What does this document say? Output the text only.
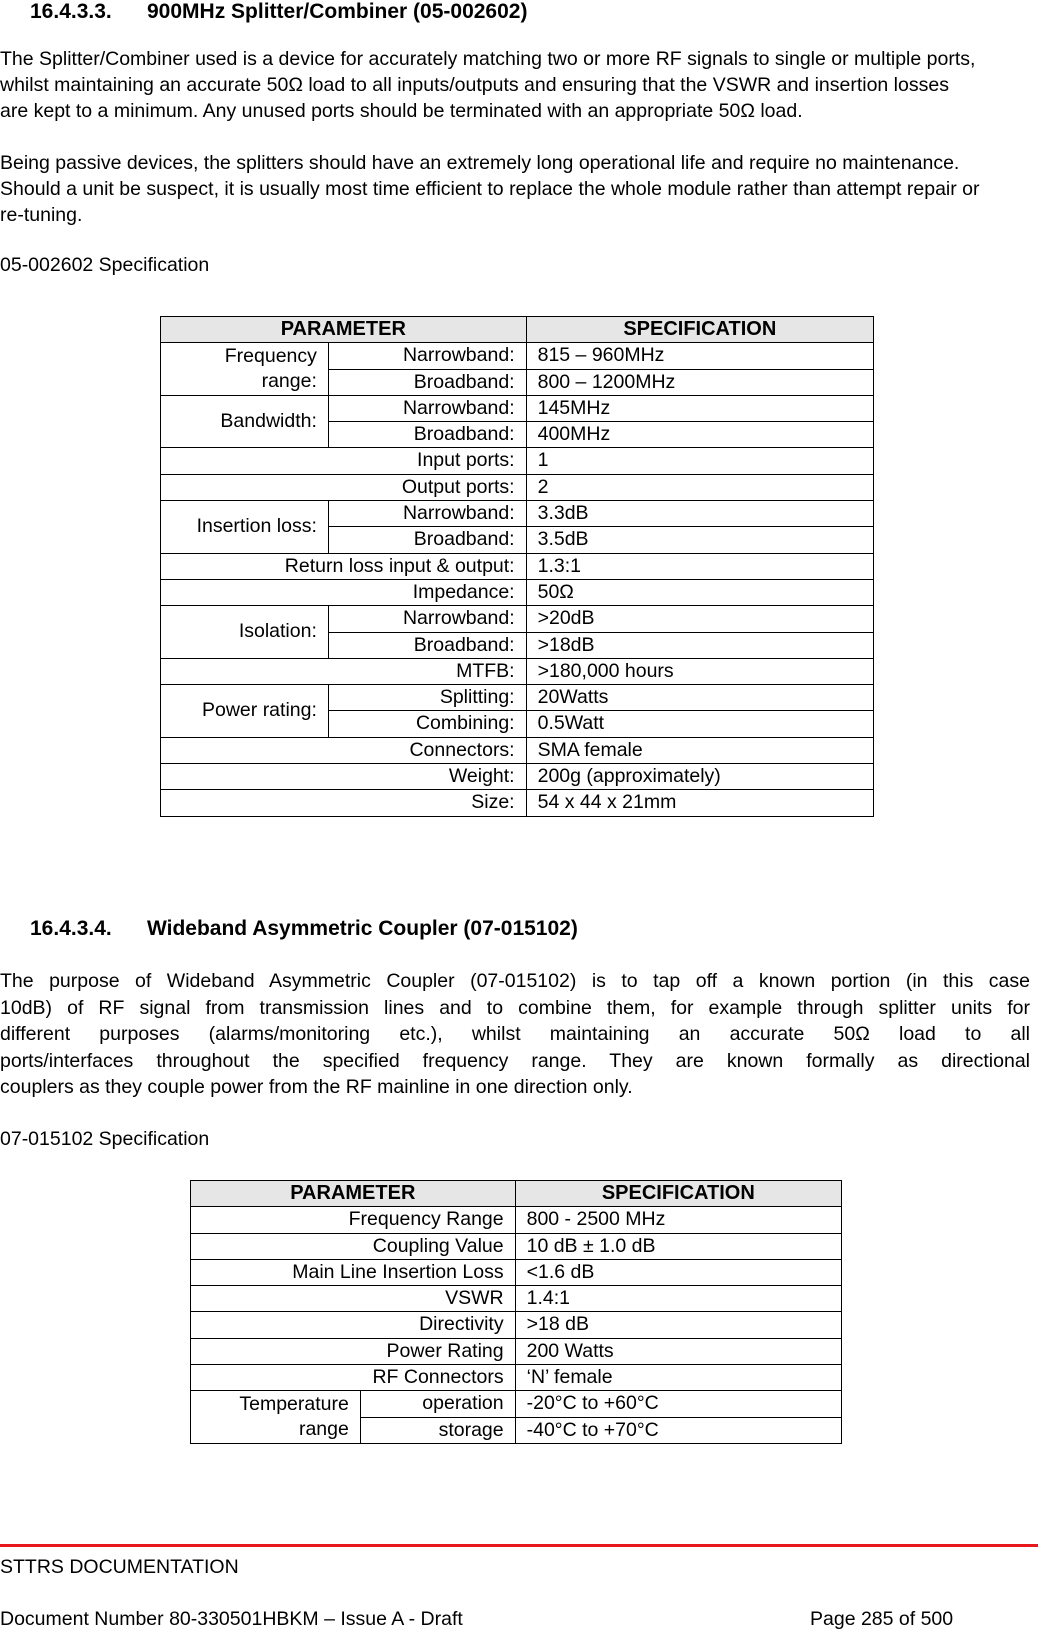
16.4.3.3. 900MHz Splitter/Combiner (05-002602)

The Splitter/Combiner used is a device for accurately matching two or more RF signals to single or multiple ports, whilst maintaining an accurate 50Ω load to all inputs/outputs and ensuring that the VSWR and insertion losses are kept to a minimum. Any unused ports should be terminated with an appropriate 50Ω load.

Being passive devices, the splitters should have an extremely long operational life and require no maintenance. Should a unit be suspect, it is usually most time efficient to replace the whole module rather than attempt repair or re-tuning.

05-002602 Specification

PARAMETER		SPECIFICATION
Frequency range:	Narrowband:	815 – 960MHz
	Broadband:	800 – 1200MHz
Bandwidth:	Narrowband:	145MHz
	Broadband:	400MHz
Input ports:		1
Output ports:		2
Insertion loss:	Narrowband:	3.3dB
	Broadband:	3.5dB
Return loss input & output:		1.3:1
Impedance:		50Ω
Isolation:	Narrowband:	>20dB
	Broadband:	>18dB
MTFB:		>180,000 hours
Power rating:	Splitting:	20Watts
	Combining:	0.5Watt
Connectors:		SMA female
Weight:		200g (approximately)
Size:		54 x 44 x 21mm
16.4.3.4. Wideband Asymmetric Coupler (07-015102)
The purpose of Wideband Asymmetric Coupler (07-015102) is to tap off a known portion (in this case
10dB) of RF signal from transmission lines and to combine them, for example through splitter units for
different purposes (alarms/monitoring etc.), whilst maintaining an accurate 50Ω load to all
ports/interfaces throughout the specified frequency range. They are known formally as directional
couplers as they couple power from the RF mainline in one direction only.

07-015102 Specification

PARAMETER		SPECIFICATION
Frequency Range		800 - 2500 MHz
Coupling Value		10 dB ± 1.0 dB
Main Line Insertion Loss		<1.6 dB
VSWR		1.4:1
Directivity		>18 dB
Power Rating		200 Watts
RF Connectors		‘N’ female
Temperature range	operation	-20°C to +60°C
	storage	-40°C to +70°C

STTRS DOCUMENTATION

Document Number 80-330501HBKM – Issue A - Draft	Page 285 of 500
